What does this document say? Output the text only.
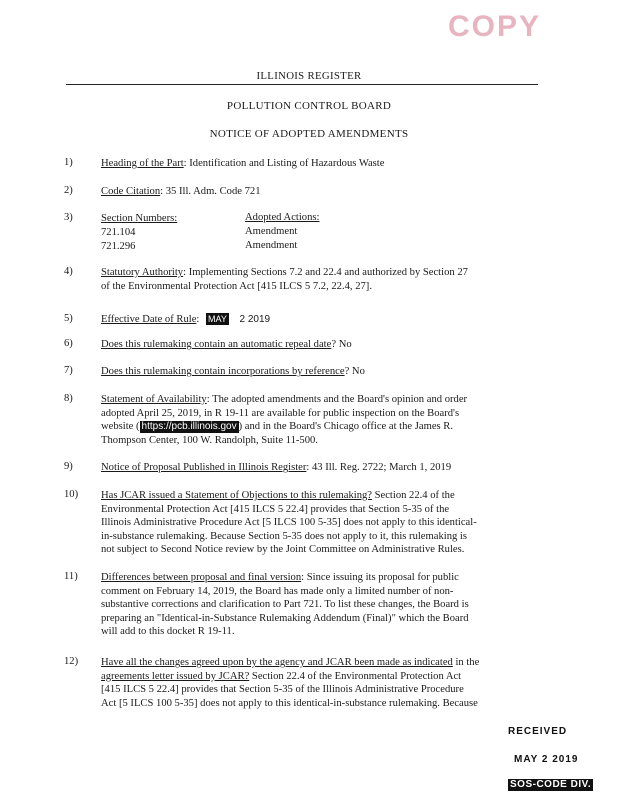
COPY
ILLINOIS REGISTER
POLLUTION CONTROL BOARD
NOTICE OF ADOPTED AMENDMENTS
1)	Heading of the Part: Identification and Listing of Hazardous Waste
2)	Code Citation: 35 Ill. Adm. Code 721
3)	Section Numbers:	Adopted Actions:
721.104	Amendment
721.296	Amendment
4)	Statutory Authority: Implementing Sections 7.2 and 22.4 and authorized by Section 27
of the Environmental Protection Act [415 ILCS 5 7.2, 22.4, 27].
5)	Effective Date of Rule: MAY 2 2019
6)	Does this rulemaking contain an automatic repeal date? No
7)	Does this rulemaking contain incorporations by reference? No
8)	Statement of Availability: The adopted amendments and the Board's opinion and order
adopted April 25, 2019, in R 19-11 are available for public inspection on the Board's
website ( https://pcb.illinois.gov ) and in the Board's Chicago office at the James R.
Thompson Center, 100 W. Randolph, Suite 11-500.
9)	Notice of Proposal Published in Illinois Register: 43 Ill. Reg. 2722; March 1, 2019
10)	Has JCAR issued a Statement of Objections to this rulemaking? Section 22.4 of the
Environmental Protection Act [415 ILCS 5 22.4] provides that Section 5-35 of the
Illinois Administrative Procedure Act [5 ILCS 100 5-35] does not apply to this identical-
in-substance rulemaking. Because Section 5-35 does not apply to it, this rulemaking is
not subject to Second Notice review by the Joint Committee on Administrative Rules.
11)	Differences between proposal and final version: Since issuing its proposal for public
comment on February 14, 2019, the Board has made only a limited number of non-
substantive corrections and clarification to Part 721. To list these changes, the Board is
preparing an "Identical-in-Substance Rulemaking Addendum (Final)" which the Board
will add to this docket R 19-11.
12)	Have all the changes agreed upon by the agency and JCAR been made as indicated in the
agreements letter issued by JCAR? Section 22.4 of the Environmental Protection Act
[415 ILCS 5 22.4] provides that Section 5-35 of the Illinois Administrative Procedure
Act [5 ILCS 100 5-35] does not apply to this identical-in-substance rulemaking. Because
RECEIVED
MAY 2 2019
SOS-CODE DIV.
